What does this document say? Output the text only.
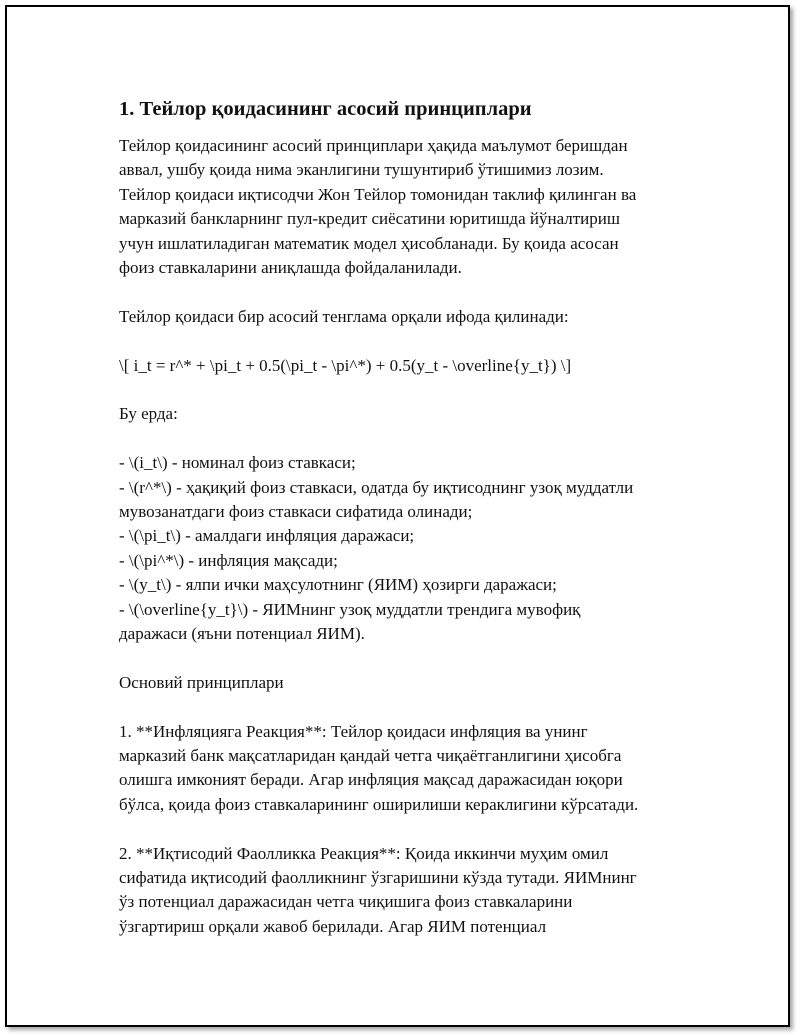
1. Тейлор қоидасининг асосий принциплари

Тейлор қоидасининг асосий принциплари ҳақида маълумот беришдан
аввал, ушбу қоида нима эканлигини тушунтириб ўтишимиз лозим.
Тейлор қоидаси иқтисодчи Жон Тейлор томонидан таклиф қилинган ва
марказий банкларнинг пул-кредит сиёсатини юритишда йўналтириш
учун ишлатиладиган математик модел ҳисобланади. Бу қоида асосан
фоиз ставкаларини аниқлашда фойдаланилади.

Тейлор қоидаси бир асосий тенглама орқали ифода қилинади:

\[ i_t = r^* + \pi_t + 0.5(\pi_t - \pi^*) + 0.5(y_t - \overline{y_t}) \]

Бу ерда:

- \(i_t\) - номинал фоиз ставкаси;
- \(r^*\) - ҳақиқий фоиз ставкаси, одатда бу иқтисоднинг узоқ муддатли
мувозанатдаги фоиз ставкаси сифатида олинади;
- \(\pi_t\) - амалдаги инфляция даражаси;
- \(\pi^*\) - инфляция мақсади;
- \(y_t\) - ялпи ички маҳсулотнинг (ЯИМ) ҳозирги даражаси;
- \(\overline{y_t}\) - ЯИМнинг узоқ муддатли трендига мувофиқ
даражаси (яъни потенциал ЯИМ).

Основий принциплари

1. **Инфляцияга Реакция**: Тейлор қоидаси инфляция ва унинг
марказий банк мақсатларидан қандай четга чиқаётганлигини ҳисобга
олишга имконият беради. Агар инфляция мақсад даражасидан юқори
бўлса, қоида фоиз ставкаларининг оширилиши кераклигини кўрсатади.

2. **Иқтисодий Фаолликка Реакция**: Қоида иккинчи муҳим омил
сифатида иқтисодий фаолликнинг ўзгаришини кўзда тутади. ЯИМнинг
ўз потенциал даражасидан четга чиқишига фоиз ставкаларини
ўзгартириш орқали жавоб берилади. Агар ЯИМ потенциал
